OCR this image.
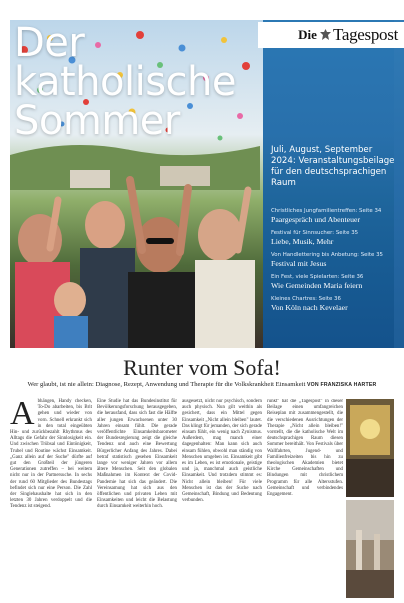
Die Tagespost
Der
katholische
Sommer
Juli, August, September 2024: Veranstaltungsbeilage für den deutschsprachigen Raum
Christliches Jungfamilientreffen: Seite 34
Paargespräch und Abenteuer
Festival für Sinnsucher: Seite 35
Liebe, Musik, Mehr
Von Handlettering bis Anbetung: Seite 35
Festival mit Jesus
Ein Fest, viele Spielarten: Seite 36
Wie Gemeinden Maria feiern
Kleines Chartres: Seite 36
Von Köln nach Kevelaer
Runter vom Sofa!
Wer glaubt, ist nie allein: Diagnose, Rezept, Anwendung und Therapie für die Volkskrankheit Einsamkeit VON FRANZISKA HARTER
A bhängen, Handy checken, To-Do abarbeiten, bis Brit gehen und wieder von vorn. Schnell erkrankt sich in den total eingeübten Hin- und zurückbezahlt Rhythmus des Alltags die Gefahr der Sinnlosigkeit ein. Und zwischen Trübsal und Eintönigkeit, Trubel und Routine wächst Einsamkeit. „Ganz allein auf der Suche" dürfte auf gut den Großteil der jüngeren Generationen zutreffen – bei weitem nicht nur in der Partnersuche. In sechs der rund 60 Mitglieder des Bundestags befindet sich nur eine Person. Die Zahl der Singlehaushalte hat sich in den letzten 30 Jahren verdoppelt und die Tendenz ist steigend.
Eine Studie hat das Bundesinstitut für Bevölkerungsforschung herausgegeben, die herausfand, dass sich fast die Hälfte aller jungen Erwachsenen unter 30 Jahren einsam fühlt. Die gerade veröffentlichte Einsamkeitsbarometer der Bundesregierung zeigt die gleiche Tendenz und auch eine Bewertung Bürgerlicher Anfang des Jahres. Dabei betraf statistisch gesehen Einsamkeit lange vor weniger Jahren vor allem ältere Menschen. Seit den globalen Maßnahmen im Kontext der Covid-Pandemie hat sich das geändert. Die Vereinsamung hat sich aus den öffentlichen und privaten Leben mit Einsamkeiten und leicht die Belastung durch Einsamkeit weiterhin hoch.
ausgesetzt, nicht nur psychisch, sondern auch physisch. Nun gilt weithin als gesichert, dass ein Mittel gegen Einsamkeit „Nicht allein bleiben" lautet. Das klingt für jemanden, der sich gerade einsam fühlt, ein wenig nach Zynismus. Außerdem, mag manch einer dagegenhalten: Man kann sich auch einsam fühlen, obwohl man ständig von Menschen umgeben ist. Einsamkeit gibt es im Leben, es ist emotionale, geistige und ja, manchmal auch geistliche Einsamkeit. Und trotzdem stimmt es: Nicht allein bleiben! Für viele Menschen ist das der Suche nach Gemeinschaft, Bindung und Bedeutung verbunden.
runkt" hat die „Tagespost" in dieser Beilage einen umfangreichen Reiseplan mit zusammengestellt, die die verschiedenen Ausrichtungen der Therapie „Nicht allein bleiben!" vorstellt, die die katholische Welt im deutschsprachigen Raum diesen Sommer bereithält. Von Festivals über Wallfahrten, Jugend- und Familienfreizeiten bis hin zu theologischen Akademien bietet Kirche Gemeinschaften und Bindungen mit christlichem Programm für alle Altersstufen. Gemeinschaft und verbindendes Engagement.
